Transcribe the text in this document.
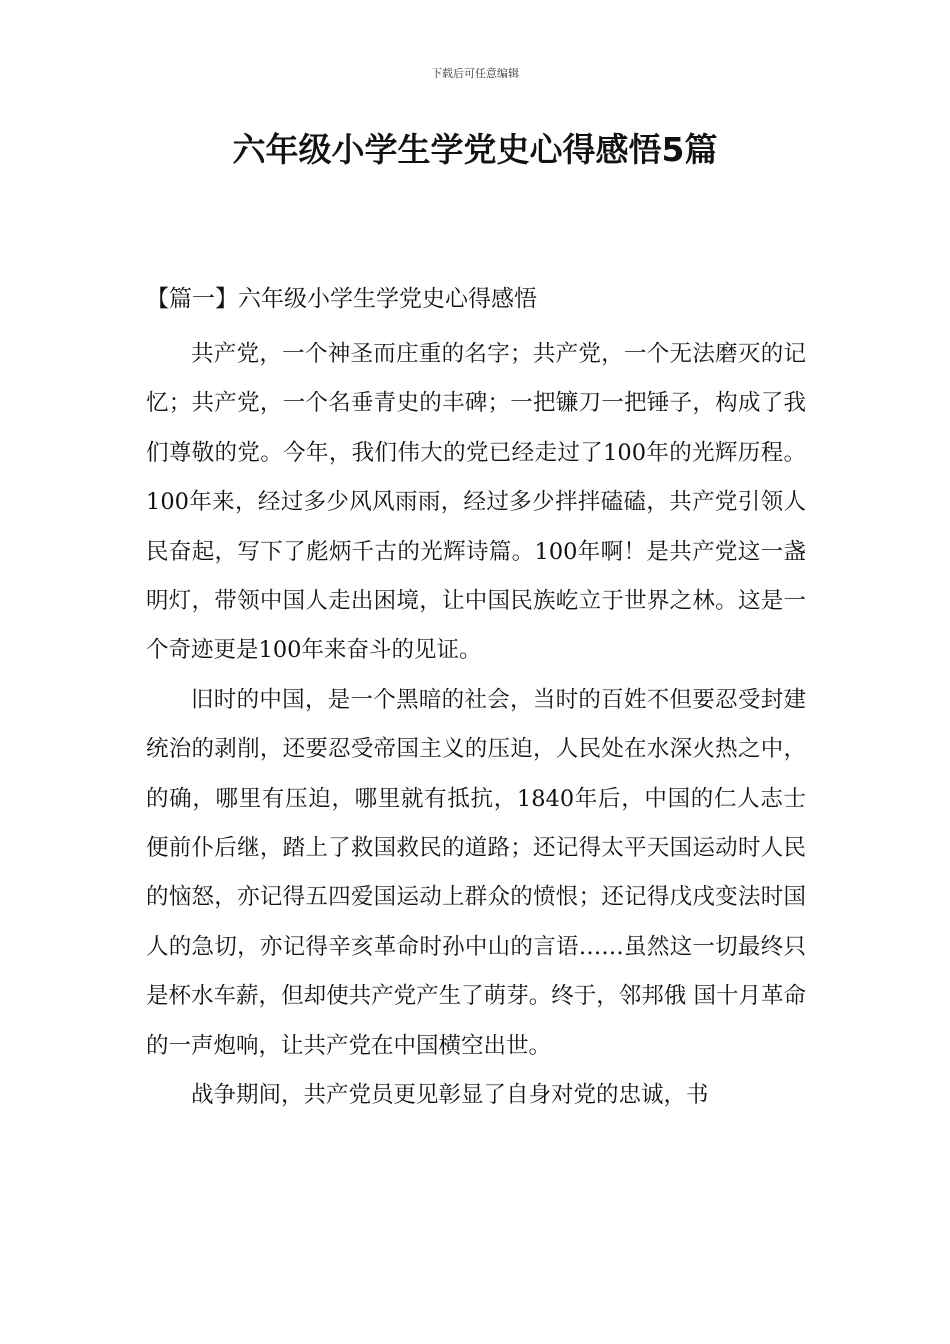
下载后可任意编辑
六年级小学生学党史心得感悟5篇
【篇一】六年级小学生学党史心得感悟

共产党，一个神圣而庄重的名字；共产党，一个无法磨灭的记忆；共产党，一个名垂青史的丰碑；一把镰刀一把锤子，构成了我们尊敬的党。今年，我们伟大的党已经走过了100年的光辉历程。100年来，经过多少风风雨雨，经过多少拌拌磕磕，共产党引领人民奋起，写下了彪炳千古的光辉诗篇。100年啊！是共产党这一盏明灯，带领中国人走出困境，让中国民族屹立于世界之林。这是一个奇迹更是100年来奋斗的见证。

旧时的中国，是一个黑暗的社会，当时的百姓不但要忍受封建统治的剥削，还要忍受帝国主义的压迫，人民处在水深火热之中，的确，哪里有压迫，哪里就有抵抗，1840年后，中国的仁人志士便前仆后继，踏上了救国救民的道路；还记得太平天国运动时人民的恼怒，亦记得五四爱国运动上群众的愤恨；还记得戊戌变法时国人的急切，亦记得辛亥革命时孙中山的言语……虽然这一切最终只是杯水车薪，但却使共产党产生了萌芽。终于，邻邦俄 国十月革命的一声炮响，让共产党在中国横空出世。

战争期间，共产党员更见彰显了自身对党的忠诚，书
